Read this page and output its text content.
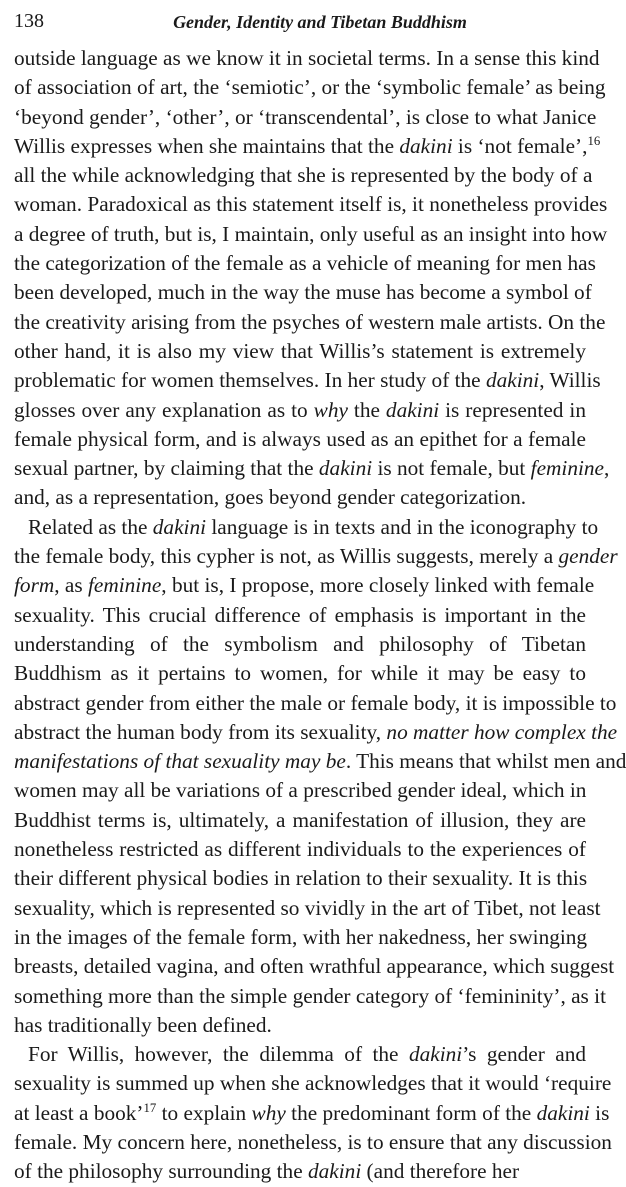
138	Gender, Identity and Tibetan Buddhism
outside language as we know it in societal terms. In a sense this kind
of association of art, the ‘semiotic’, or the ‘symbolic female’ as being
‘beyond gender’, ‘other’, or ‘transcendental’, is close to what Janice
Willis expresses when she maintains that the dakini is ‘not female’,$^{16}$
all the while acknowledging that she is represented by the body of a
woman. Paradoxical as this statement itself is, it nonetheless provides
a degree of truth, but is, I maintain, only useful as an insight into how
the categorization of the female as a vehicle of meaning for men has
been developed, much in the way the muse has become a symbol of
the creativity arising from the psyches of western male artists. On the
other hand, it is also my view that Willis’s statement is extremely
problematic for women themselves. In her study of the dakini, Willis
glosses over any explanation as to why the dakini is represented in
female physical form, and is always used as an epithet for a female
sexual partner, by claiming that the dakini is not female, but feminine,
and, as a representation, goes beyond gender categorization.
Related as the dakini language is in texts and in the iconography to
the female body, this cypher is not, as Willis suggests, merely a gender
form, as feminine, but is, I propose, more closely linked with female
sexuality. This crucial difference of emphasis is important in the
understanding of the symbolism and philosophy of Tibetan
Buddhism as it pertains to women, for while it may be easy to
abstract gender from either the male or female body, it is impossible to
abstract the human body from its sexuality, no matter how complex the
manifestations of that sexuality may be. This means that whilst men and
women may all be variations of a prescribed gender ideal, which in
Buddhist terms is, ultimately, a manifestation of illusion, they are
nonetheless restricted as different individuals to the experiences of
their different physical bodies in relation to their sexuality. It is this
sexuality, which is represented so vividly in the art of Tibet, not least
in the images of the female form, with her nakedness, her swinging
breasts, detailed vagina, and often wrathful appearance, which suggest
something more than the simple gender category of ‘femininity’, as it
has traditionally been defined.
For Willis, however, the dilemma of the dakini’s gender and
sexuality is summed up when she acknowledges that it would ‘require
at least a book’$^{17}$ to explain why the predominant form of the dakini is
female. My concern here, nonetheless, is to ensure that any discussion
of the philosophy surrounding the dakini (and therefore her
